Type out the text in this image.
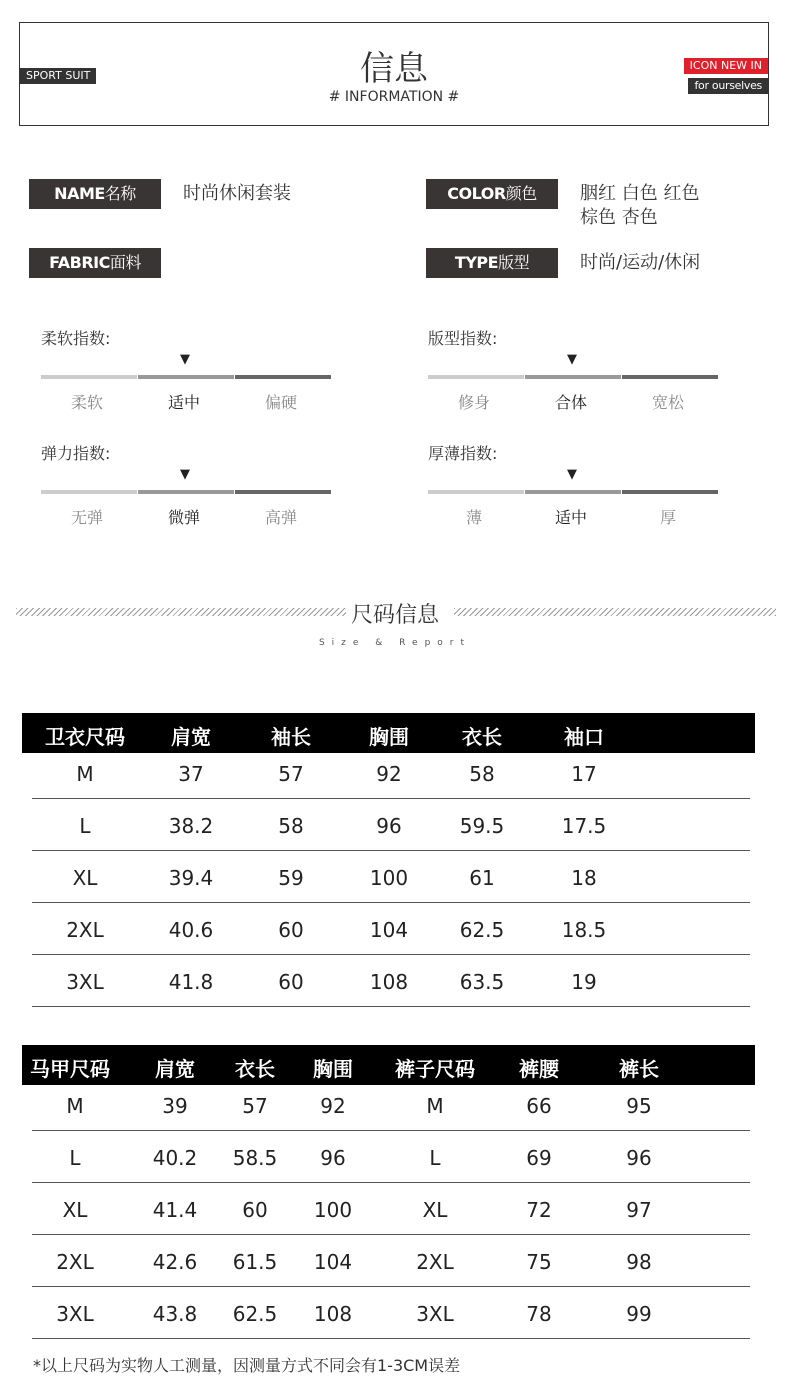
信息
# INFORMATION #
SPORT SUIT
ICON NEW IN
for ourselves
NAME名称	时尚休闲套装	COLOR颜色	胭红 白色 红色
棕色 杏色
FABRIC面料	TYPE版型	时尚/运动/休闲
柔软指数:
▼
柔软	适中	偏硬
版型指数:
▼
修身	合体	宽松
弹力指数:
▼
无弹	微弹	高弹
厚薄指数:
▼
薄	适中	厚
尺码信息
Size & Report
卫衣尺码	肩宽	袖长	胸围	衣长	袖口
M	37	57	92	58	17
L	38.2	58	96	59.5	17.5
XL	39.4	59	100	61	18
2XL	40.6	60	104	62.5	18.5
3XL	41.8	60	108	63.5	19
马甲尺码	肩宽	衣长	胸围	裤子尺码	裤腰	裤长
M	39	57	92	M	66	95
L	40.2	58.5	96	L	69	96
XL	41.4	60	100	XL	72	97
2XL	42.6	61.5	104	2XL	75	98
3XL	43.8	62.5	108	3XL	78	99
*以上尺码为实物人工测量，因测量方式不同会有1-3CM误差
